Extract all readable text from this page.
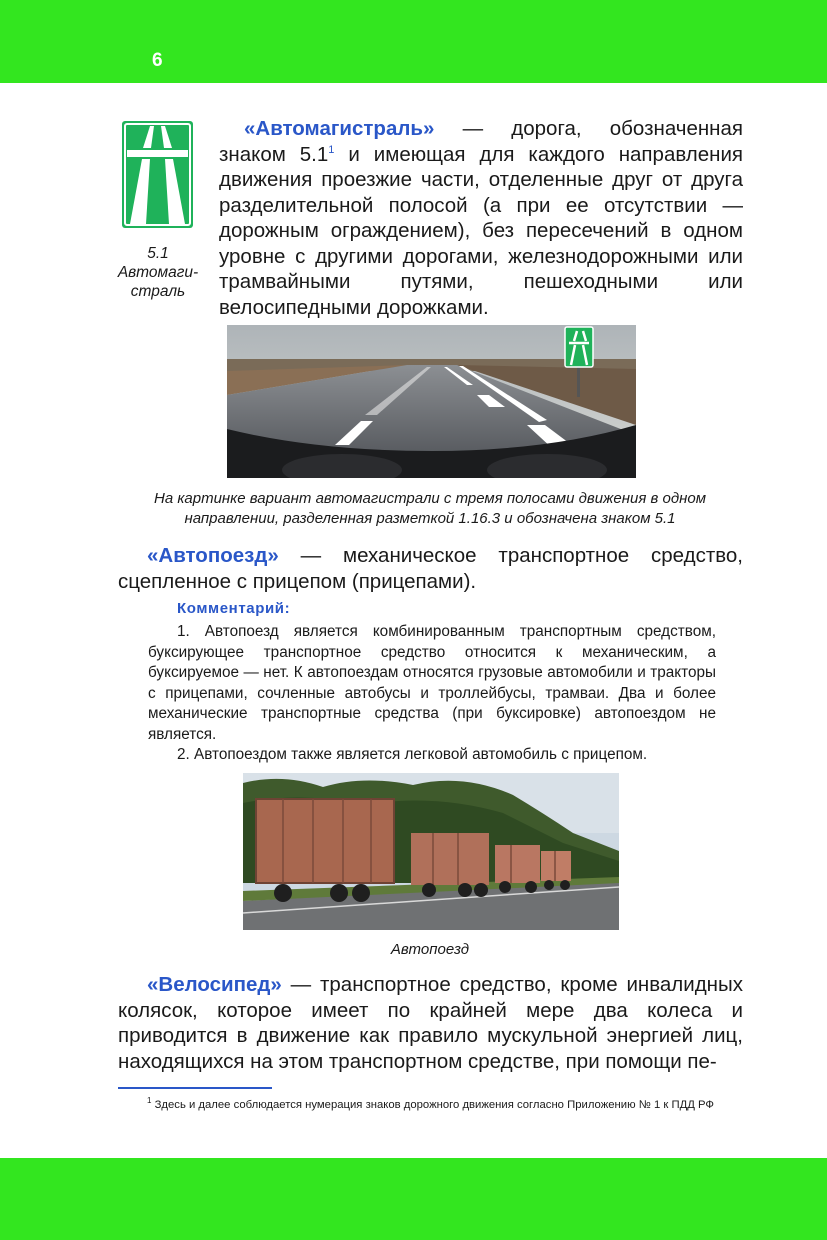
6
5.1
Автомаги-
страль
«Автомагистраль» — дорога, обозначенная знаком 5.1$^1$ и имеющая для каждого направления движения проезжие части, отделенные друг от друга разделительной полосой (а при ее отсутствии — дорожным ограждением), без пересечений в одном уровне с другими дорогами, железнодорожными или трамвайными путями, пешеходными или велосипедными дорожками.
На картинке вариант автомагистрали с тремя полосами движения в одном направлении, разделенная разметкой 1.16.3 и обозначена знаком 5.1
«Автопоезд» — механическое транспортное средство, сцепленное с прицепом (прицепами).
Комментарий:

1. Автопоезд является комбинированным транспортным средством, буксирующее транспортное средство относится к механическим, а буксируемое — нет. К автопоездам относятся грузовые автомобили и тракторы с прицепами, сочленные автобусы и троллейбусы, трамваи. Два и более механические транспортные средства (при буксировке) автопоездом не является.

2. Автопоездом также является легковой автомобиль с прицепом.

Автопоезд
«Велосипед» — транспортное средство, кроме инвалидных колясок, которое имеет по крайней мере два колеса и приводится в движение как правило мускульной энергией лиц, находящихся на этом транспортном средстве, при помощи пе-
$^1$ Здесь и далее соблюдается нумерация знаков дорожного движения согласно Приложению № 1 к ПДД РФ
